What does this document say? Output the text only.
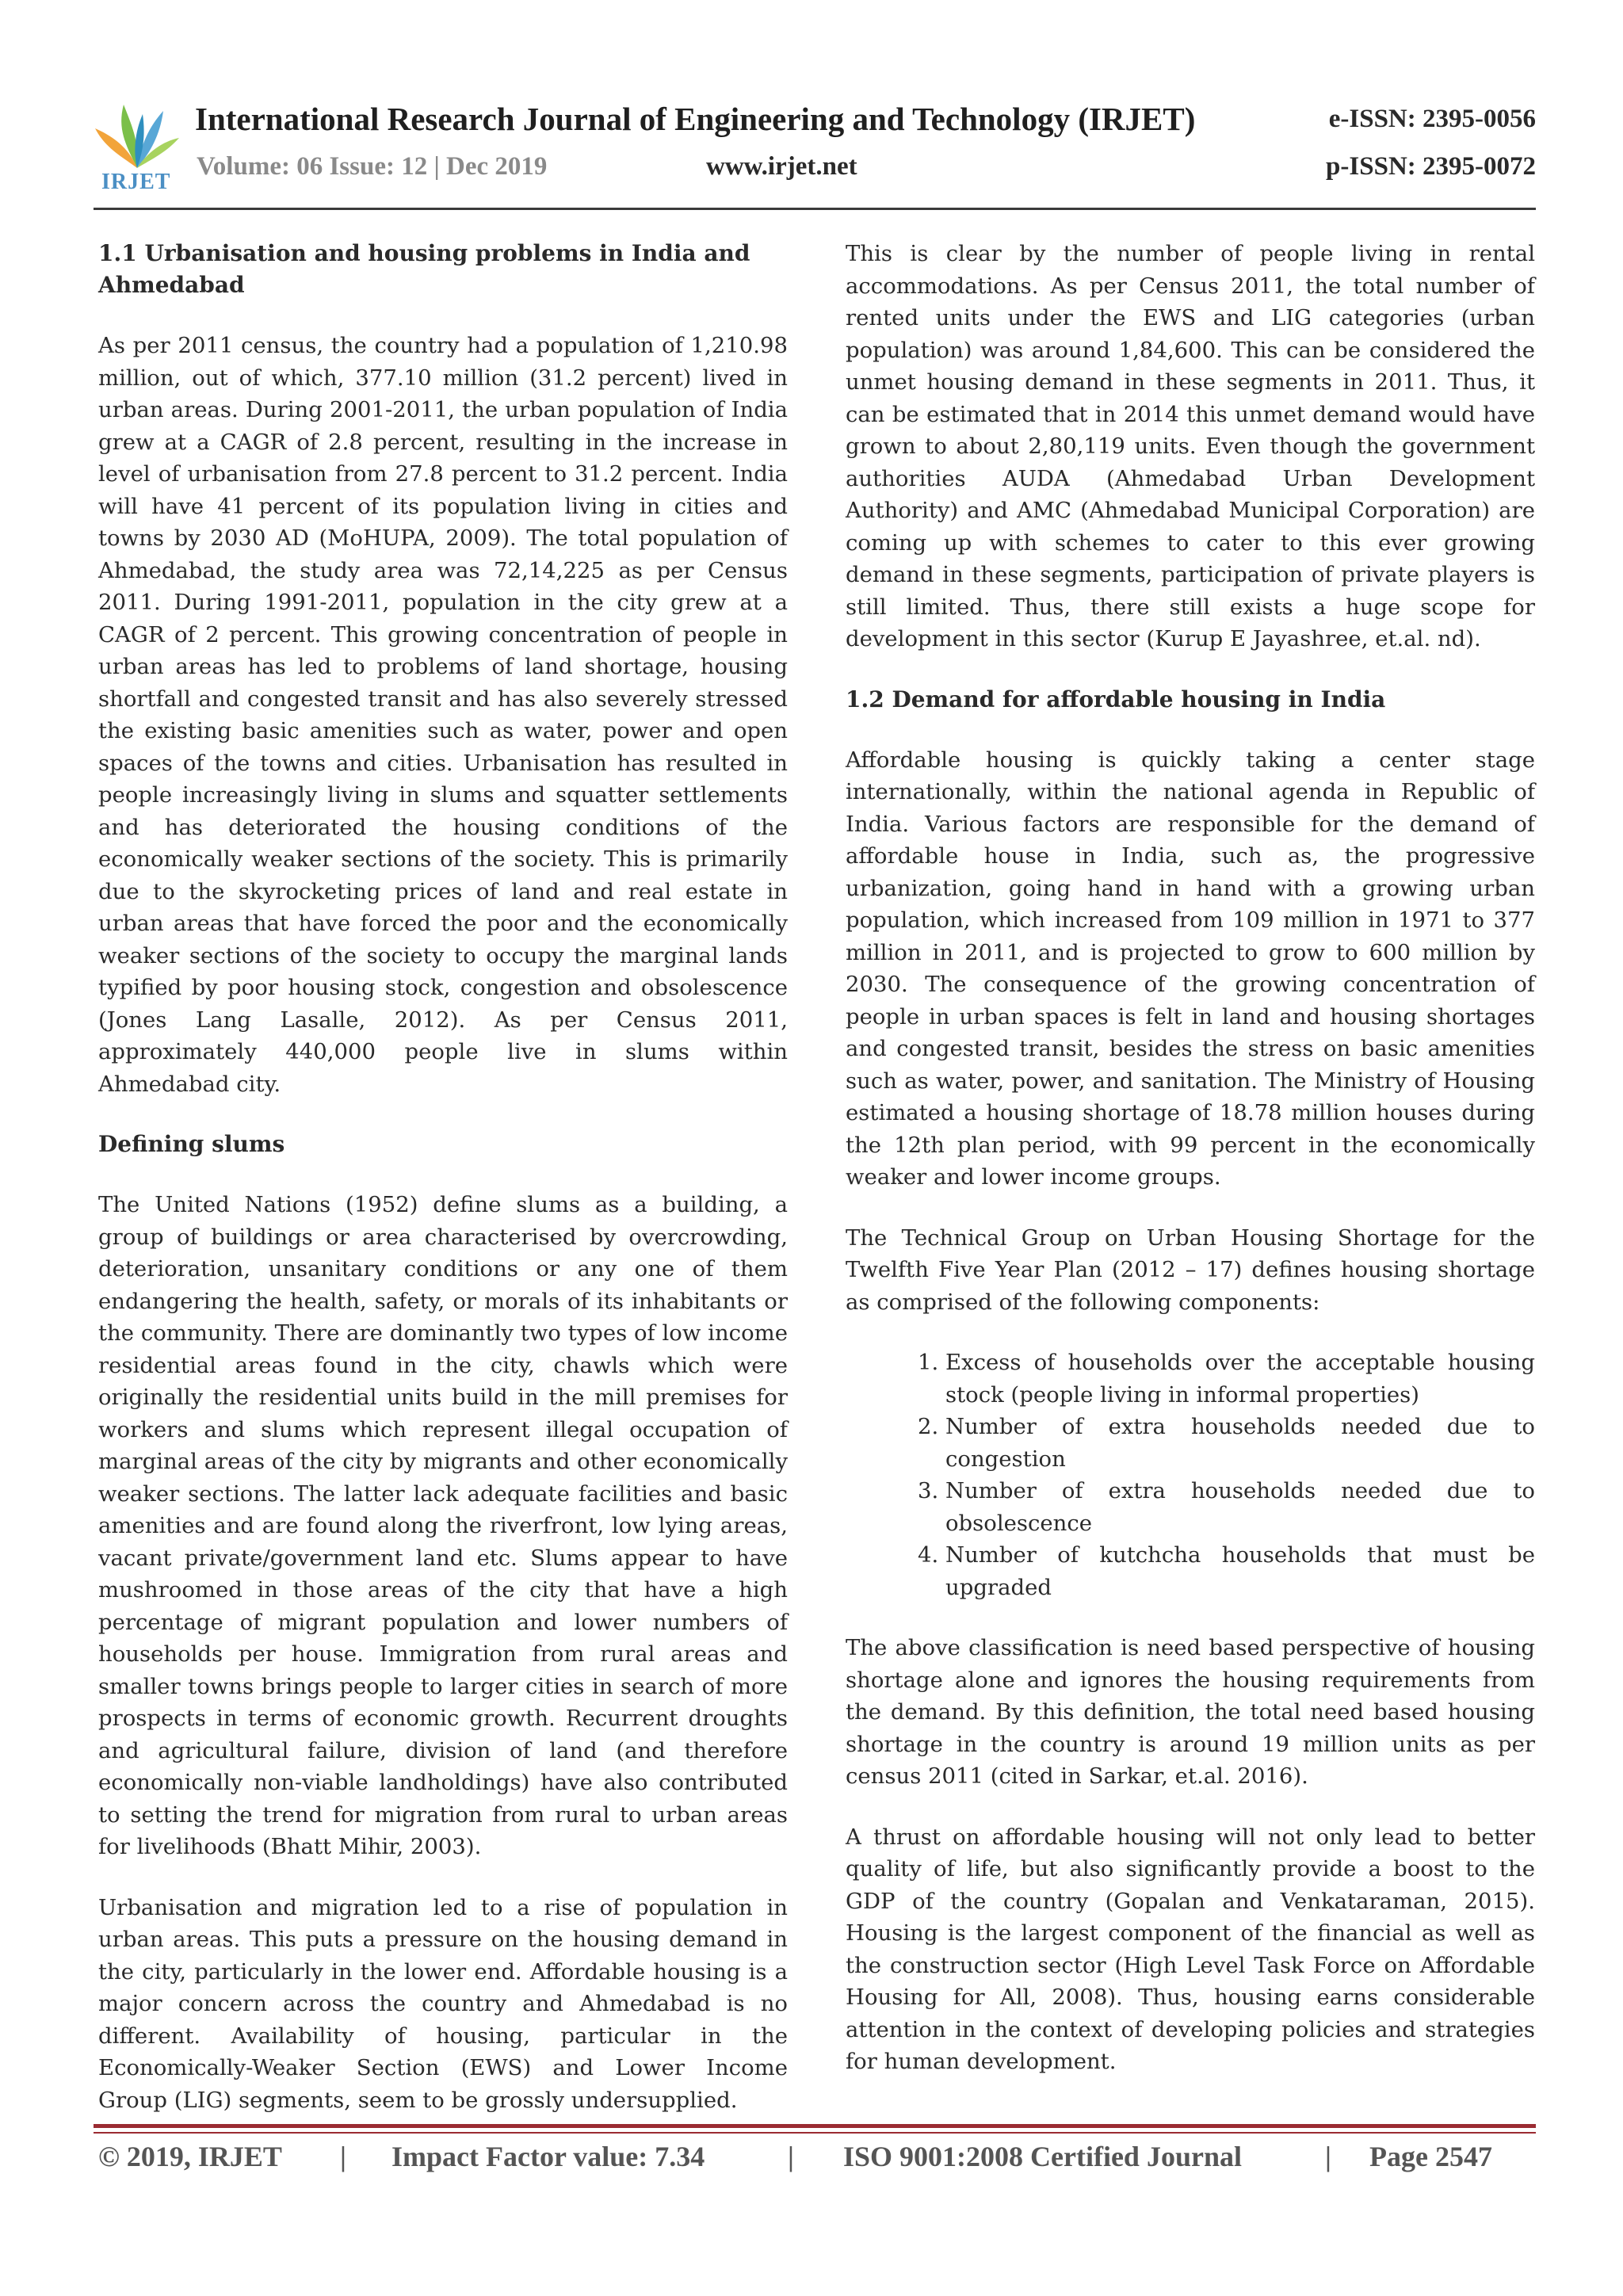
IRJET
International Research Journal of Engineering and Technology (IRJET)	e-ISSN: 2395-0056
Volume: 06 Issue: 12 | Dec 2019	www.irjet.net	p-ISSN: 2395-0072
1.1 Urbanisation and housing problems in India and Ahmedabad

As per 2011 census, the country had a population of 1,210.98 million, out of which, 377.10 million (31.2 percent) lived in urban areas. During 2001-2011, the urban population of India grew at a CAGR of 2.8 percent, resulting in the increase in level of urbanisation from 27.8 percent to 31.2 percent. India will have 41 percent of its population living in cities and towns by 2030 AD (MoHUPA, 2009). The total population of Ahmedabad, the study area was 72,14,225 as per Census 2011. During 1991-2011, population in the city grew at a CAGR of 2 percent. This growing concentration of people in urban areas has led to problems of land shortage, housing shortfall and congested transit and has also severely stressed the existing basic amenities such as water, power and open spaces of the towns and cities. Urbanisation has resulted in people increasingly living in slums and squatter settlements and has deteriorated the housing conditions of the economically weaker sections of the society. This is primarily due to the skyrocketing prices of land and real estate in urban areas that have forced the poor and the economically weaker sections of the society to occupy the marginal lands typified by poor housing stock, congestion and obsolescence (Jones Lang Lasalle, 2012). As per Census 2011, approximately 440,000 people live in slums within Ahmedabad city.

Defining slums

The United Nations (1952) define slums as a building, a group of buildings or area characterised by overcrowding, deterioration, unsanitary conditions or any one of them endangering the health, safety, or morals of its inhabitants or the community. There are dominantly two types of low income residential areas found in the city, chawls which were originally the residential units build in the mill premises for workers and slums which represent illegal occupation of marginal areas of the city by migrants and other economically weaker sections. The latter lack adequate facilities and basic amenities and are found along the riverfront, low lying areas, vacant private/government land etc. Slums appear to have mushroomed in those areas of the city that have a high percentage of migrant population and lower numbers of households per house. Immigration from rural areas and smaller towns brings people to larger cities in search of more prospects in terms of economic growth. Recurrent droughts and agricultural failure, division of land (and therefore economically non-viable landholdings) have also contributed to setting the trend for migration from rural to urban areas for livelihoods (Bhatt Mihir, 2003).

Urbanisation and migration led to a rise of population in urban areas. This puts a pressure on the housing demand in the city, particularly in the lower end. Affordable housing is a major concern across the country and Ahmedabad is no different. Availability of housing, particular in the Economically-Weaker Section (EWS) and Lower Income Group (LIG) segments, seem to be grossly undersupplied.

This is clear by the number of people living in rental accommodations. As per Census 2011, the total number of rented units under the EWS and LIG categories (urban population) was around 1,84,600. This can be considered the unmet housing demand in these segments in 2011. Thus, it can be estimated that in 2014 this unmet demand would have grown to about 2,80,119 units. Even though the government authorities AUDA (Ahmedabad Urban Development Authority) and AMC (Ahmedabad Municipal Corporation) are coming up with schemes to cater to this ever growing demand in these segments, participation of private players is still limited. Thus, there still exists a huge scope for development in this sector (Kurup E Jayashree, et.al. nd).

1.2 Demand for affordable housing in India

Affordable housing is quickly taking a center stage internationally, within the national agenda in Republic of India. Various factors are responsible for the demand of affordable house in India, such as, the progressive urbanization, going hand in hand with a growing urban population, which increased from 109 million in 1971 to 377 million in 2011, and is projected to grow to 600 million by 2030. The consequence of the growing concentration of people in urban spaces is felt in land and housing shortages and congested transit, besides the stress on basic amenities such as water, power, and sanitation. The Ministry of Housing estimated a housing shortage of 18.78 million houses during the 12th plan period, with 99 percent in the economically weaker and lower income groups.

The Technical Group on Urban Housing Shortage for the Twelfth Five Year Plan (2012 – 17) defines housing shortage as comprised of the following components:

1. Excess of households over the acceptable housing stock (people living in informal properties)
2. Number of extra households needed due to congestion
3. Number of extra households needed due to obsolescence
4. Number of kutchcha households that must be upgraded

The above classification is need based perspective of housing shortage alone and ignores the housing requirements from the demand. By this definition, the total need based housing shortage in the country is around 19 million units as per census 2011 (cited in Sarkar, et.al. 2016).

A thrust on affordable housing will not only lead to better quality of life, but also significantly provide a boost to the GDP of the country (Gopalan and Venkataraman, 2015). Housing is the largest component of the financial as well as the construction sector (High Level Task Force on Affordable Housing for All, 2008). Thus, housing earns considerable attention in the context of developing policies and strategies for human development.

© 2019, IRJET | Impact Factor value: 7.34	| ISO 9001:2008 Certified Journal	| Page 2547
